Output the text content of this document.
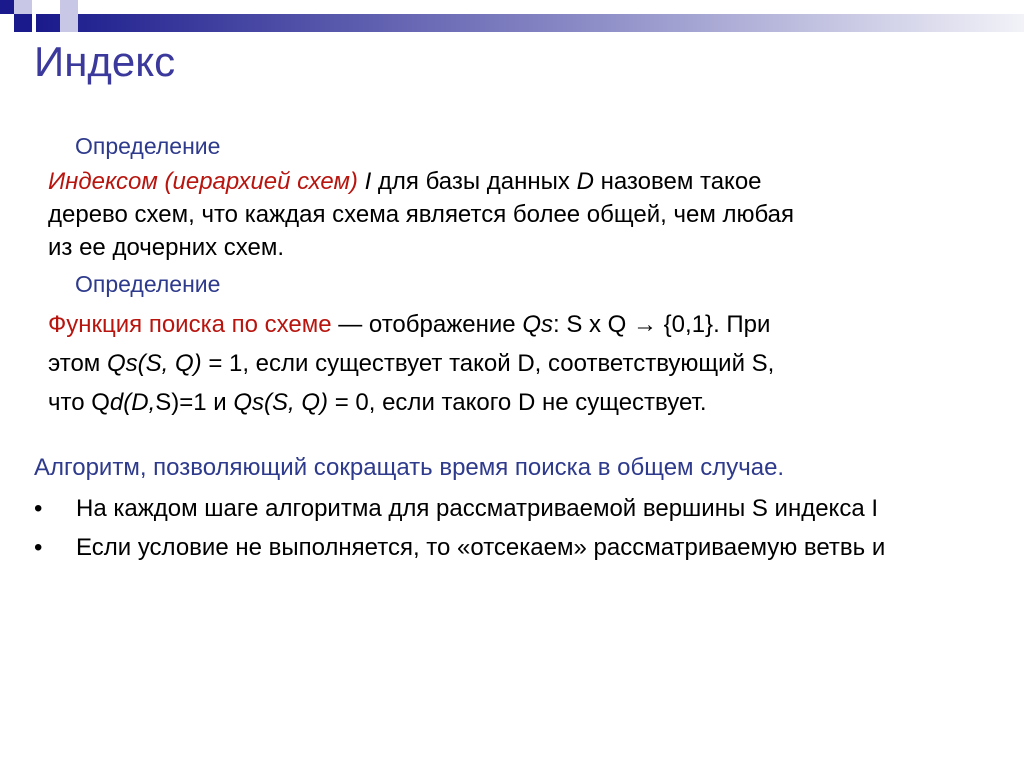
Индекс
Определение
Индексом (иерархией схем) I для базы данных D назовем такое
дерево схем, что каждая схема является более общей, чем любая
из ее дочерних схем.
Определение
Функция поиска по схеме — отображение Qs: S x Q → {0,1}. При
этом Qs(S, Q) = 1, если существует такой D, соответствующий S,
что Qd(D,S)=1 и Qs(S, Q) = 0, если такого D не существует.
Алгоритм, позволяющий сокращать время поиска в общем случае.
• На каждом шаге алгоритма для рассматриваемой вершины S индекса I
• Если условие не выполняется, то «отсекаем» рассматриваемую ветвь и
